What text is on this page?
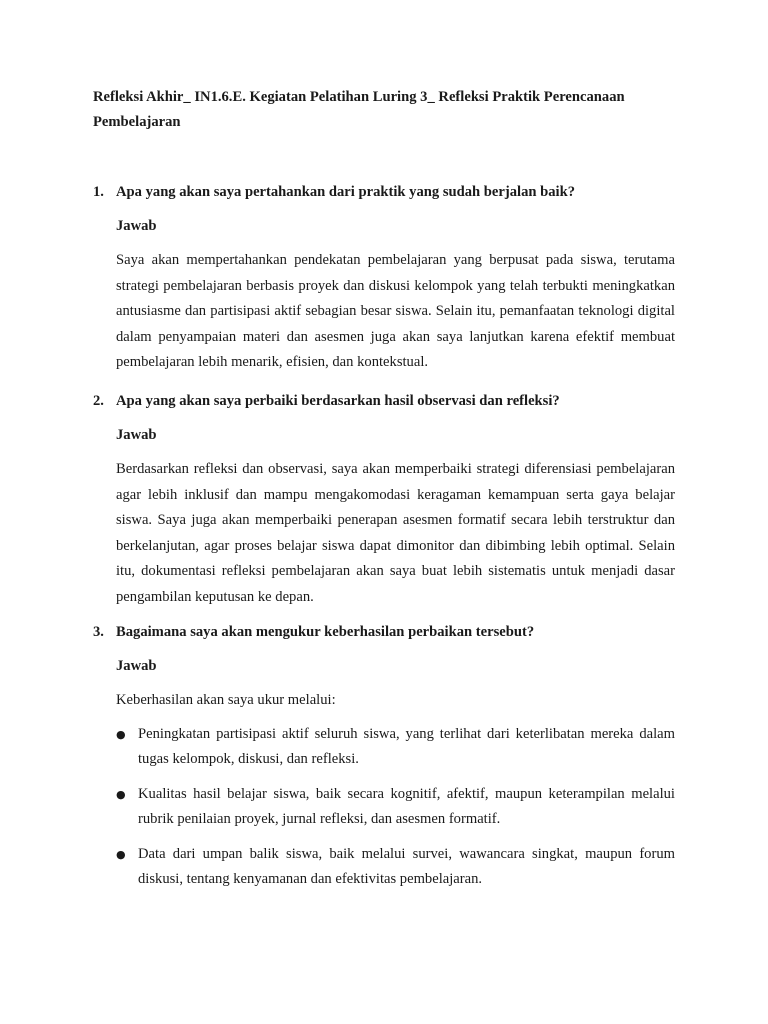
Refleksi Akhir_ IN1.6.E. Kegiatan Pelatihan Luring 3_ Refleksi Praktik Perencanaan Pembelajaran

1. Apa yang akan saya pertahankan dari praktik yang sudah berjalan baik?

Jawab

Saya akan mempertahankan pendekatan pembelajaran yang berpusat pada siswa, terutama strategi pembelajaran berbasis proyek dan diskusi kelompok yang telah terbukti meningkatkan antusiasme dan partisipasi aktif sebagian besar siswa. Selain itu, pemanfaatan teknologi digital dalam penyampaian materi dan asesmen juga akan saya lanjutkan karena efektif membuat pembelajaran lebih menarik, efisien, dan kontekstual.

2. Apa yang akan saya perbaiki berdasarkan hasil observasi dan refleksi?

Jawab

Berdasarkan refleksi dan observasi, saya akan memperbaiki strategi diferensiasi pembelajaran agar lebih inklusif dan mampu mengakomodasi keragaman kemampuan serta gaya belajar siswa. Saya juga akan memperbaiki penerapan asesmen formatif secara lebih terstruktur dan berkelanjutan, agar proses belajar siswa dapat dimonitor dan dibimbing lebih optimal. Selain itu, dokumentasi refleksi pembelajaran akan saya buat lebih sistematis untuk menjadi dasar pengambilan keputusan ke depan.

3. Bagaimana saya akan mengukur keberhasilan perbaikan tersebut?

Jawab

Keberhasilan akan saya ukur melalui:

● Peningkatan partisipasi aktif seluruh siswa, yang terlihat dari keterlibatan mereka dalam tugas kelompok, diskusi, dan refleksi.
● Kualitas hasil belajar siswa, baik secara kognitif, afektif, maupun keterampilan melalui rubrik penilaian proyek, jurnal refleksi, dan asesmen formatif.
● Data dari umpan balik siswa, baik melalui survei, wawancara singkat, maupun forum diskusi, tentang kenyamanan dan efektivitas pembelajaran.
